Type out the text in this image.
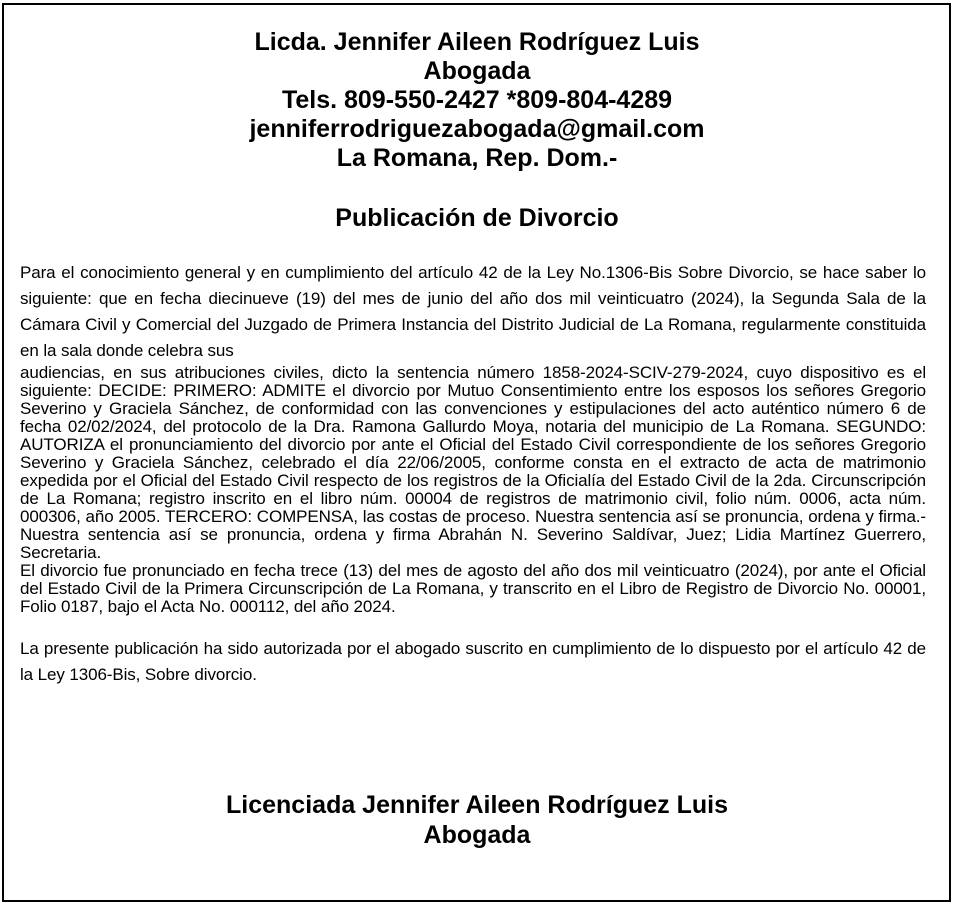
Licda. Jennifer Aileen Rodríguez Luis
Abogada
Tels. 809-550-2427 *809-804-4289
jenniferrodriguezabogada@gmail.com
La Romana, Rep. Dom.-
Publicación de Divorcio

Para el conocimiento general y en cumplimiento del artículo 42 de la Ley No.1306-Bis Sobre Divorcio, se hace saber lo siguiente: que en fecha diecinueve (19) del mes de junio del año dos mil veinticuatro (2024), la Segunda Sala de la Cámara Civil y Comercial del Juzgado de Primera Instancia del Distrito Judicial de La Romana, regularmente constituida en la sala donde celebra sus

audiencias, en sus atribuciones civiles, dicto la sentencia número 1858-2024-SCIV-279-2024, cuyo dispositivo es el siguiente: DECIDE: PRIMERO: ADMITE el divorcio por Mutuo Consentimiento entre los esposos los señores Gregorio Severino y Graciela Sánchez, de conformidad con las convenciones y estipulaciones del acto auténtico número 6 de fecha 02/02/2024, del protocolo de la Dra. Ramona Gallurdo Moya, notaria del municipio de La Romana. SEGUNDO: AUTORIZA el pronunciamiento del divorcio por ante el Oficial del Estado Civil correspondiente de los señores Gregorio Severino y Graciela Sánchez, celebrado el día 22/06/2005, conforme consta en el extracto de acta de matrimonio expedida por el Oficial del Estado Civil respecto de los registros de la Oficialía del Estado Civil de la 2da. Circunscripción de La Romana; registro inscrito en el libro núm. 00004 de registros de matrimonio civil, folio núm. 0006, acta núm. 000306, año 2005. TERCERO: COMPENSA, las costas de proceso. Nuestra sentencia así se pronuncia, ordena y firma.-Nuestra sentencia así se pronuncia, ordena y firma Abrahán N. Severino Saldívar, Juez; Lidia Martínez Guerrero, Secretaria.

El divorcio fue pronunciado en fecha trece (13) del mes de agosto del año dos mil veinticuatro (2024), por ante el Oficial del Estado Civil de la Primera Circunscripción de La Romana, y transcrito en el Libro de Registro de Divorcio No. 00001, Folio 0187, bajo el Acta No. 000112, del año 2024.

La presente publicación ha sido autorizada por el abogado suscrito en cumplimiento de lo dispuesto por el artículo 42 de la Ley 1306-Bis, Sobre divorcio.

Licenciada Jennifer Aileen Rodríguez Luis
Abogada
